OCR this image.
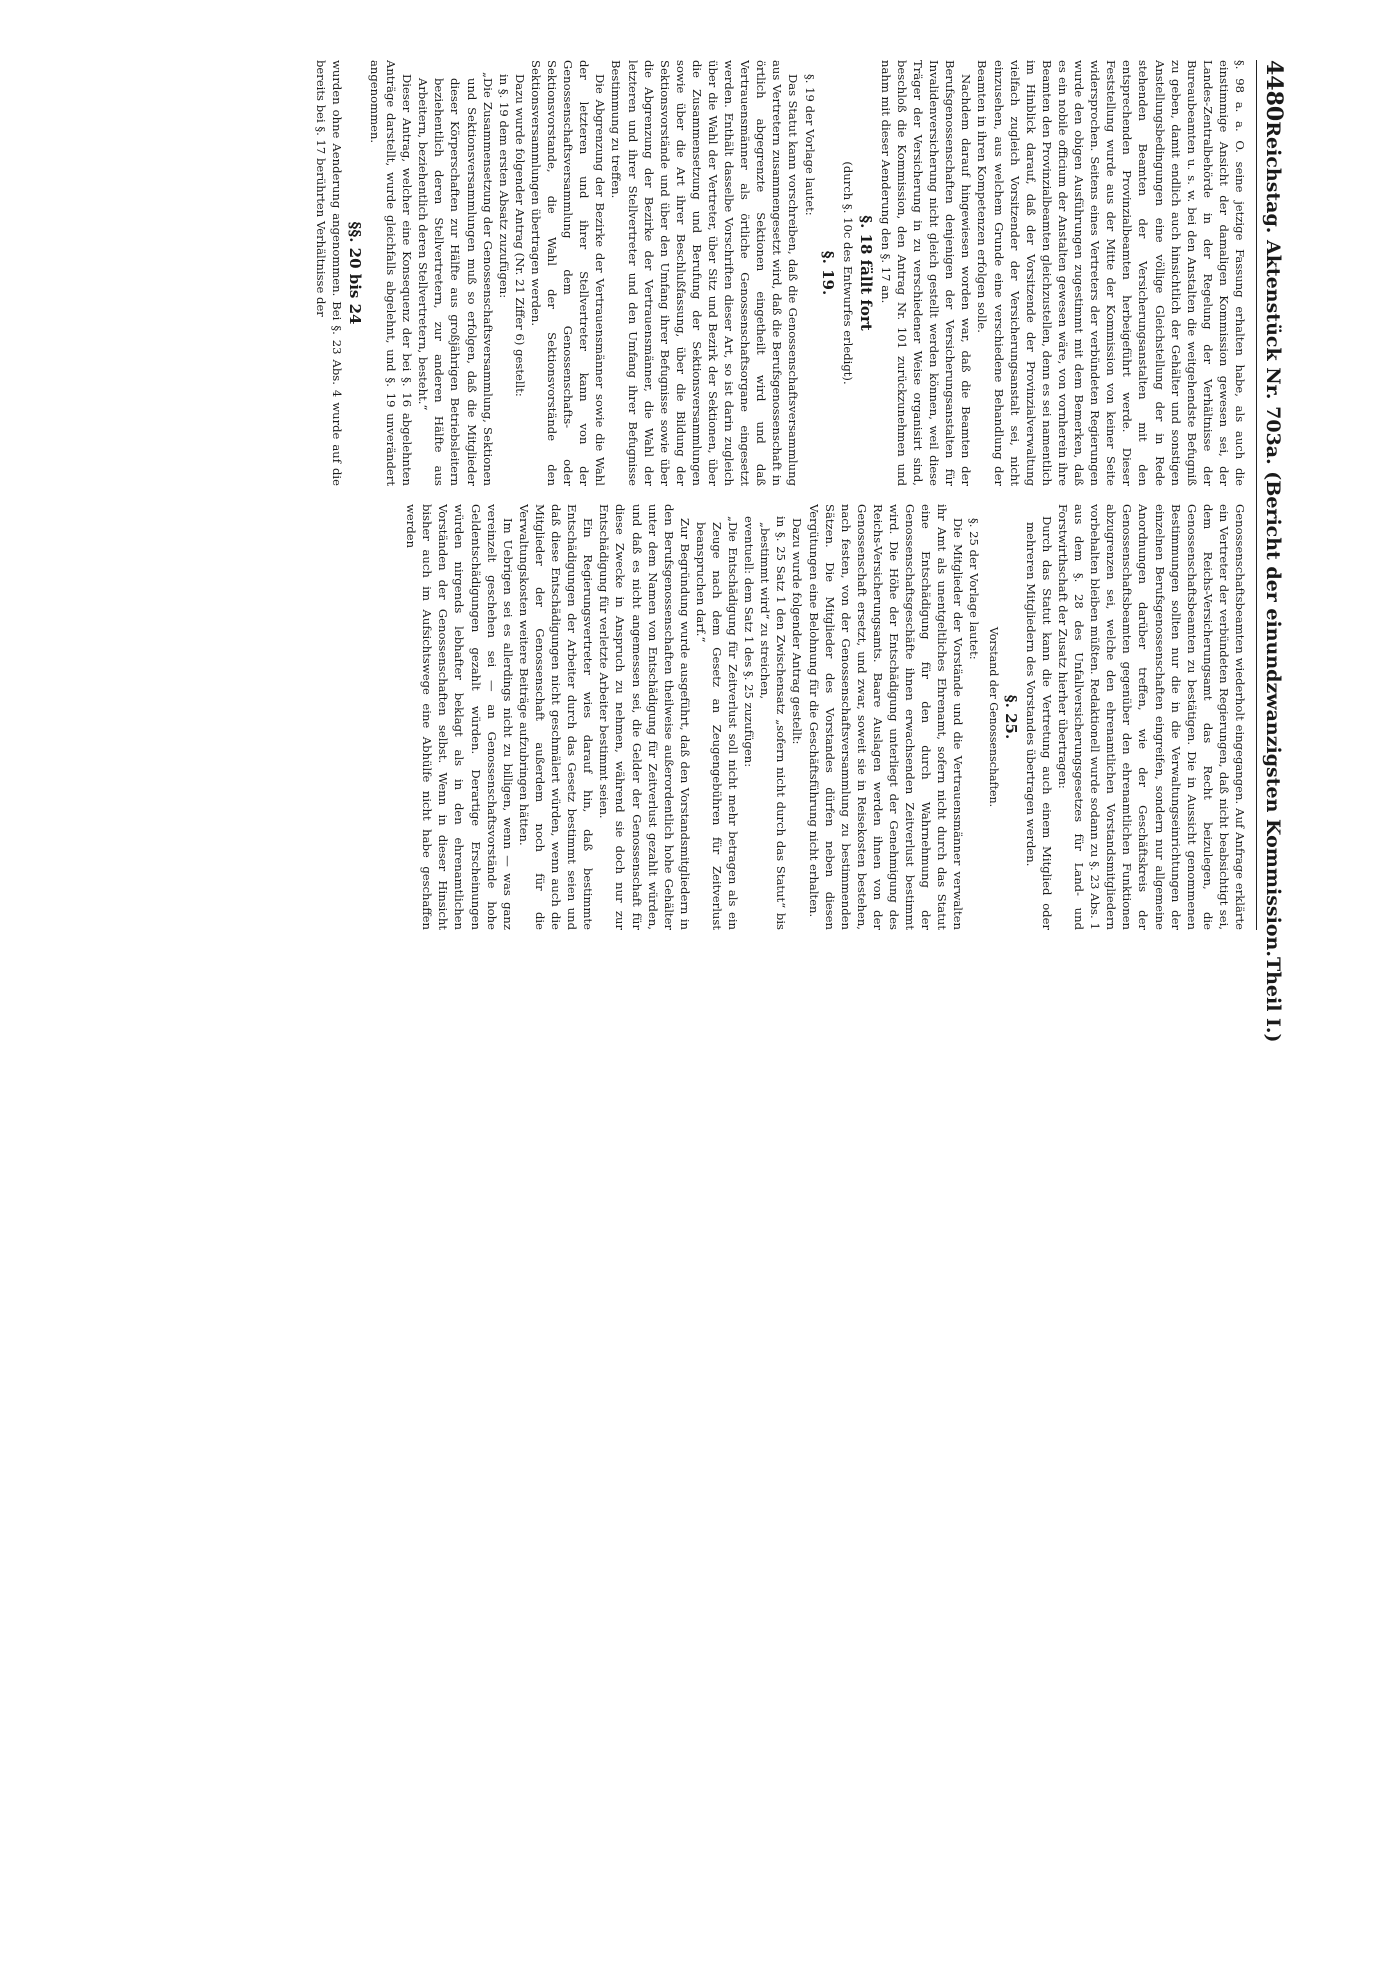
4480
Reichstag. Aktenstück Nr. 703a. (Bericht der einundzwanzigsten Kommission.
Theil I.)

§. 98 a. a. O. seine jetzige Fassung erhalten habe, als auch die einstimmige Ansicht der damaligen Kommission gewesen sei, der Landes-Zentralbehörde in der Regelung der Verhältnisse der Bureaubeamten u. s. w. bei den Anstalten die weitgehendste Befugniß zu geben, damit endlich auch hinsichtlich der Gehälter und sonstigen Anstellungsbedingungen eine völlige Gleichstellung der in Rede stehenden Beamten der Versicherungsanstalten mit den entsprechenden Provinzialbeamten herbeigeführt werde. Dieser Feststellung wurde aus der Mitte der Kommission von keiner Seite widersprochen. Seitens eines Vertreters der verbündeten Regierungen wurde den obigen Ausführungen zugestimmt mit dem Bemerken, daß es ein nobile officium der Anstalten gewesen wäre, von vornherein ihre Beamten den Provinzialbeamten gleichzustellen, denn es sei namentlich im Hinblick darauf, daß der Vorsitzende der Provinzialverwaltung vielfach zugleich Vorsitzender der Versicherungsanstalt sei, nicht einzusehen, aus welchem Grunde eine verschiedene Behandlung der Beamten in ihren Kompetenzen erfolgen solle.

Nachdem darauf hingewiesen worden war, daß die Beamten der Berufsgenossenschaften denjenigen der Versicherungsanstalten für Invalidenversicherung nicht gleich gestellt werden können, weil diese Träger der Versicherung in zu verschiedener Weise organisirt sind, beschloß die Kommission, den Antrag Nr. 101 zurückzunehmen und nahm mit dieser Aenderung den §. 17 an.

§. 18 fällt fort

(durch §. 10c des Entwurfes erledigt).

§. 19.

§. 19 der Vorlage lautet:

Das Statut kann vorschreiben, daß die Genossenschaftsversammlung aus Vertretern zusammengesetzt wird, daß die Berufsgenossenschaft in örtlich abgegrenzte Sektionen eingetheilt wird und daß Vertrauensmänner als örtliche Genossenschaftsorgane eingesetzt werden. Enthält dasselbe Vorschriften dieser Art, so ist darin zugleich über die Wahl der Vertreter, über Sitz und Bezirk der Sektionen, über die Zusammensetzung und Berufung der Sektionsversammlungen sowie über die Art ihrer Beschlußfassung, über die Bildung der Sektionsvorstände und über den Umfang ihrer Befugnisse sowie über die Abgrenzung der Bezirke der Vertrauensmänner, die Wahl der letzteren und ihrer Stellvertreter und den Umfang ihrer Befugnisse Bestimmung zu treffen.

Die Abgrenzung der Bezirke der Vertrauensmänner sowie die Wahl der letzteren und ihrer Stellvertreter kann von der Genossenschaftsversammlung dem Genossenschafts- oder Sektionsvorstande, die Wahl der Sektionsvorstände den Sektionsversammlungen übertragen werden.

Dazu wurde folgender Antrag (Nr. 21 Ziffer 6) gestellt:

in §. 19 dem ersten Absatz zuzufügen:

„Die Zusammensetzung der Genossenschaftsversammlung, Sektionen und Sektionsversammlungen muß so erfolgen, daß die Mitglieder dieser Körperschaften zur Hälfte aus großjährigen Betriebsleitern beziehentlich deren Stellvertretern, zur anderen Hälfte aus Arbeitern, beziehentlich deren Stellvertretern, besteht.“

Dieser Antrag, welcher eine Konsequenz der bei §. 16 abgelehnten Anträge darstellt, wurde gleichfalls abgelehnt, und §. 19 unverändert angenommen.

§§. 20 bis 24

wurden ohne Aenderung angenommen. Bei §. 23 Abs. 4 wurde auf die bereits bei §. 17 berührten Verhältnisse der

Genossenschaftsbeamten wiederholt eingegangen. Auf Anfrage erklärte ein Vertreter der verbündeten Regierungen, daß nicht beabsichtigt sei, dem Reichs-Versicherungsamt das Recht beizulegen, die Genossenschaftsbeamten zu bestätigen. Die in Aussicht genommenen Bestimmungen sollten nur die in die Verwaltungseinrichtungen der einzelnen Berufsgenossenschaften eingreifen, sondern nur allgemeine Anordnungen darüber treffen, wie der Geschäftskreis der Genossenschaftsbeamten gegenüber den ehrenamtlichen Funktionen abzugrenzen sei, welche den ehrenamtlichen Vorstandsmitgliedern vorbehalten bleiben müßten. Redaktionell wurde sodann zu §. 23 Abs. 1 aus dem §. 28 des Unfallversicherungsgesetzes für Land- und Forstwirthschaft der Zusatz hierher übertragen:

Durch das Statut kann die Vertretung auch einem Mitglied oder mehreren Mitgliedern des Vorstandes übertragen werden.

§. 25.

Vorstand der Genossenschaften.

§. 25 der Vorlage lautet:

Die Mitglieder der Vorstände und die Vertrauensmänner verwalten ihr Amt als unentgeltliches Ehrenamt, sofern nicht durch das Statut eine Entschädigung für den durch Wahrnehmung der Genossenschaftsgeschäfte ihnen erwachsenden Zeitverlust bestimmt wird. Die Höhe der Entschädigung unterliegt der Genehmigung des Reichs-Versicherungsamts. Baare Auslagen werden ihnen von der Genossenschaft ersetzt, und zwar, soweit sie in Reisekosten bestehen, nach festen, von der Genossenschaftsversammlung zu bestimmenden Sätzen. Die Mitglieder des Vorstandes dürfen neben diesen Vergütungen eine Belohnung für die Geschäftsführung nicht erhalten.

Dazu wurde folgender Antrag gestellt:

in §. 25 Satz 1 den Zwischensatz „sofern nicht durch das Statut“ bis „bestimmt wird“ zu streichen,

eventuell: dem Satz 1 des §. 25 zuzufügen:

„Die Entschädigung für Zeitverlust soll nicht mehr betragen als ein Zeuge nach dem Gesetz an Zeugengebühren für Zeitverlust beanspruchen darf.“

Zur Begründung wurde ausgeführt, daß den Vorstandsmitgliedern in den Berufsgenossenschaften theilweise außerordentlich hohe Gehälter unter dem Namen von Entschädigung für Zeitverlust gezahlt würden, und daß es nicht angemessen sei, die Gelder der Genossenschaft für diese Zwecke in Anspruch zu nehmen, während sie doch nur zur Entschädigung für verletzte Arbeiter bestimmt seien.

Ein Regierungsvertreter wies darauf hin, daß bestimmte Entschädigungen der Arbeiter durch das Gesetz bestimmt seien und daß diese Entschädigungen nicht geschmälert würden, wenn auch die Mitglieder der Genossenschaft außerdem noch für die Verwaltungskosten weitere Beiträge aufzubringen hätten.

Im Uebrigen sei es allerdings nicht zu billigen, wenn — was ganz vereinzelt geschehen sei — an Genossenschaftsvorstände hohe Geldentschädigungen gezahlt würden. Derartige Erscheinungen würden nirgends lebhafter beklagt als in den ehrenamtlichen Vorständen der Genossenschaften selbst. Wenn in dieser Hinsicht bisher auch im Aufsichtswege eine Abhülfe nicht habe geschaffen werden
